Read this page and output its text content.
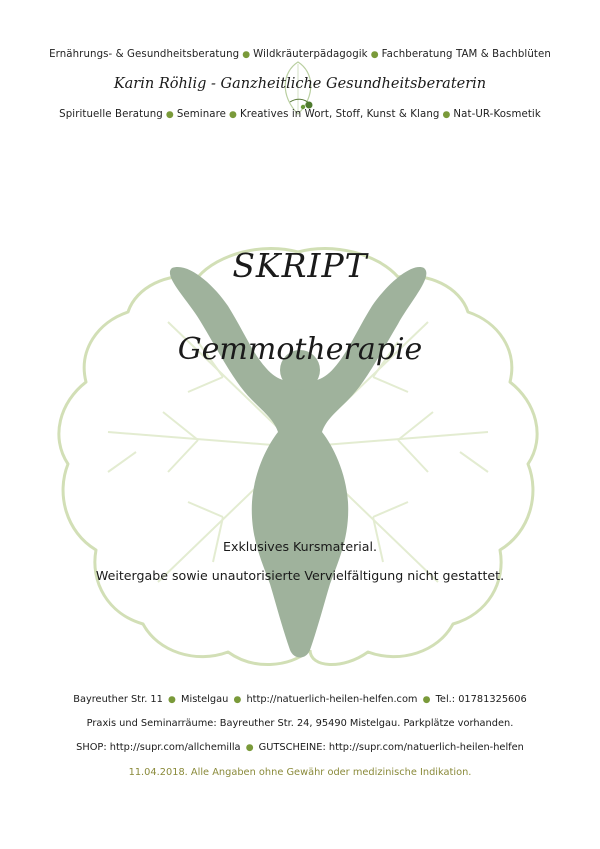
Ernährungs- & Gesundheitsberatung ● Wildkräuterpädagogik ● Fachberatung TAM & Bachblüten
Karin Röhlig - Ganzheitliche Gesundheitsberaterin
Spirituelle Beratung ● Seminare ● Kreatives in Wort, Stoff, Kunst & Klang ● Nat-UR-Kosmetik
SKRIPT
Gemmotherapie
Exklusives Kursmaterial.
Weitergabe sowie unautorisierte Vervielfältigung nicht gestattet.
Bayreuther Str. 11 ● Mistelgau ● http://natuerlich-heilen-helfen.com ● Tel.: 01781325606
Praxis und Seminarräume: Bayreuther Str. 24, 95490 Mistelgau. Parkplätze vorhanden.
SHOP: http://supr.com/allchemilla ● GUTSCHEINE: http://supr.com/natuerlich-heilen-helfen
11.04.2018. Alle Angaben ohne Gewähr oder medizinische Indikation.
